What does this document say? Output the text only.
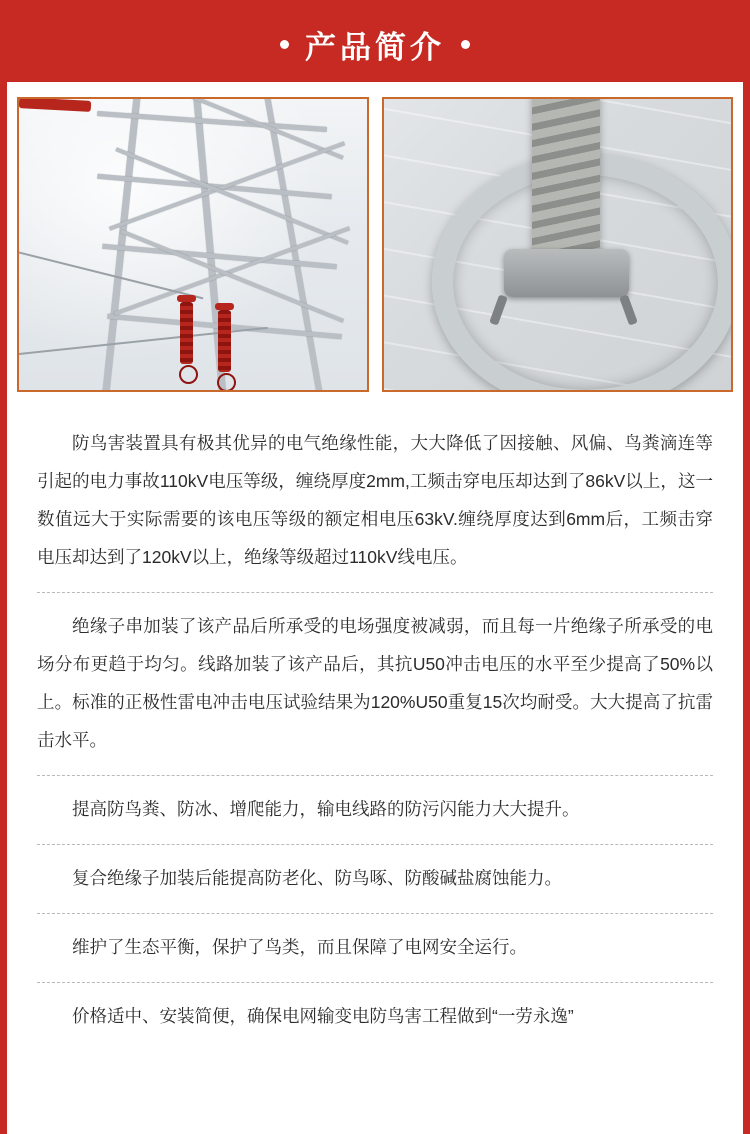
产品简介

防鸟害装置具有极其优异的电气绝缘性能，大大降低了因接触、风偏、鸟粪滴连等引起的电力事故110kV电压等级，缠绕厚度2mm,工频击穿电压却达到了86kV以上，这一数值远大于实际需要的该电压等级的额定相电压63kV.缠绕厚度达到6mm后，工频击穿电压却达到了120kV以上，绝缘等级超过110kV线电压。

绝缘子串加装了该产品后所承受的电场强度被减弱，而且每一片绝缘子所承受的电场分布更趋于均匀。线路加装了该产品后，其抗U50冲击电压的水平至少提高了50%以上。标准的正极性雷电冲击电压试验结果为120%U50重复15次均耐受。大大提高了抗雷击水平。

提高防鸟粪、防冰、增爬能力，输电线路的防污闪能力大大提升。

复合绝缘子加装后能提高防老化、防鸟啄、防酸碱盐腐蚀能力。

维护了生态平衡，保护了鸟类，而且保障了电网安全运行。

价格适中、安装简便，确保电网输变电防鸟害工程做到“一劳永逸”
